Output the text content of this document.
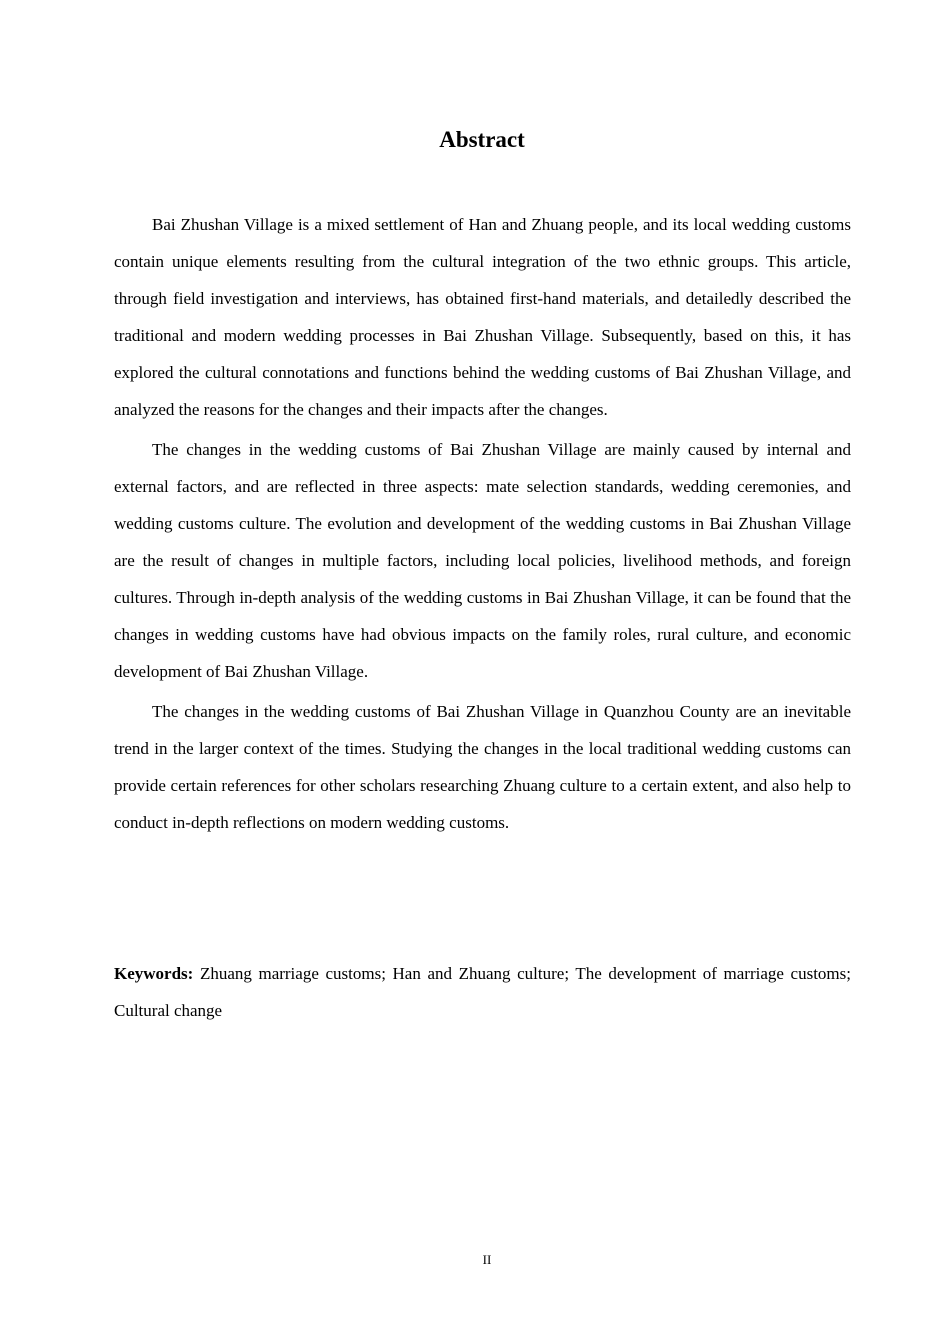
Abstract

Bai Zhushan Village is a mixed settlement of Han and Zhuang people, and its local wedding customs contain unique elements resulting from the cultural integration of the two ethnic groups. This article, through field investigation and interviews, has obtained first-hand materials, and detailedly described the traditional and modern wedding processes in Bai Zhushan Village. Subsequently, based on this, it has explored the cultural connotations and functions behind the wedding customs of Bai Zhushan Village, and analyzed the reasons for the changes and their impacts after the changes.

The changes in the wedding customs of Bai Zhushan Village are mainly caused by internal and external factors, and are reflected in three aspects: mate selection standards, wedding ceremonies, and wedding customs culture. The evolution and development of the wedding customs in Bai Zhushan Village are the result of changes in multiple factors, including local policies, livelihood methods, and foreign cultures. Through in-depth analysis of the wedding customs in Bai Zhushan Village, it can be found that the changes in wedding customs have had obvious impacts on the family roles, rural culture, and economic development of Bai Zhushan Village.

The changes in the wedding customs of Bai Zhushan Village in Quanzhou County are an inevitable trend in the larger context of the times. Studying the changes in the local traditional wedding customs can provide certain references for other scholars researching Zhuang culture to a certain extent, and also help to conduct in-depth reflections on modern wedding customs.

Keywords: Zhuang marriage customs; Han and Zhuang culture; The development of marriage customs; Cultural change

II
